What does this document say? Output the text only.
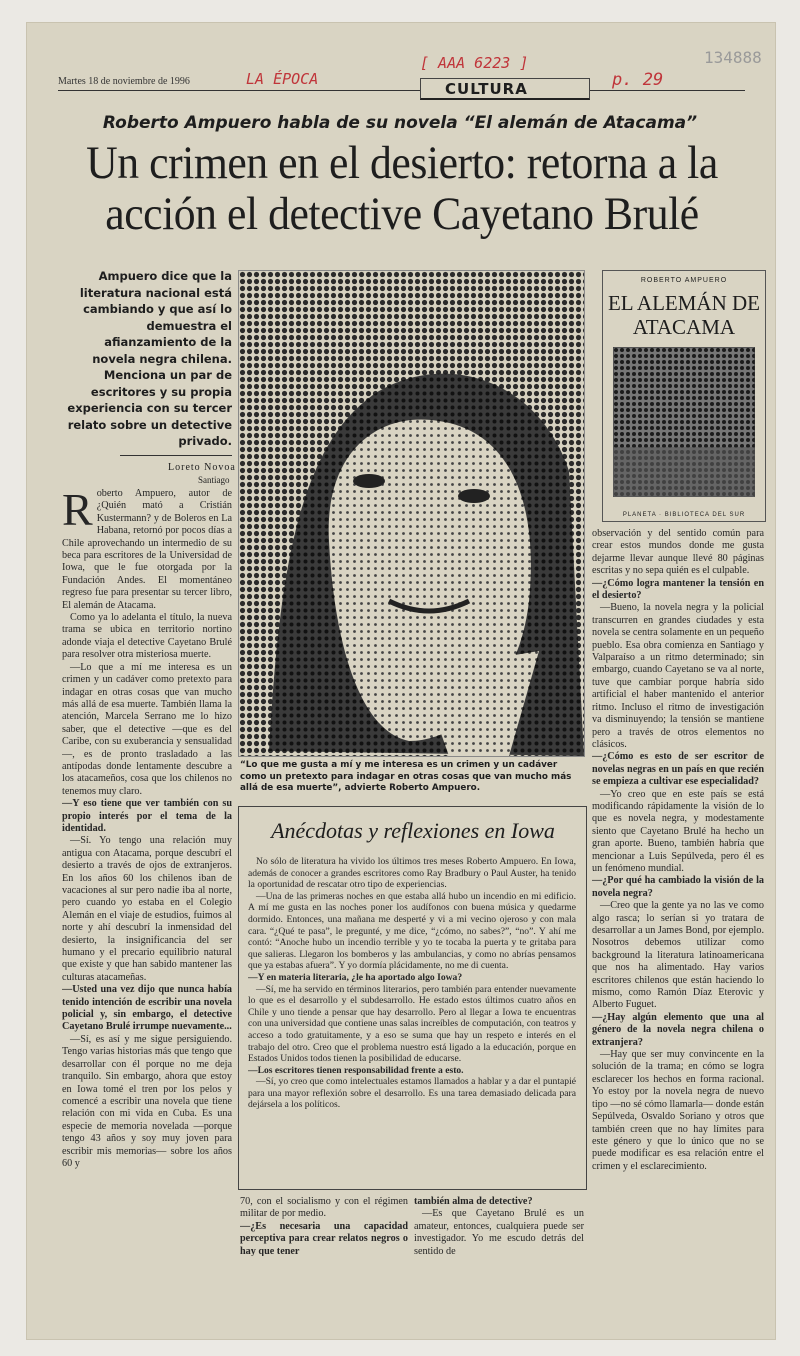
Martes 18 de noviembre de 1996	LA ÉPOCA
[ AAA 6223 ]
p. 29
134888
CULTURA
Roberto Ampuero habla de su novela “El alemán de Atacama”
Un crimen en el desierto: retorna a la
acción el detective Cayetano Brulé
Ampuero dice que la literatura nacional está cambiando y que así lo demuestra el afianzamiento de la novela negra chilena. Menciona un par de escritores y su propia experiencia con su tercer relato sobre un detective privado.
Loreto Novoa
Santiago

Roberto Ampuero, autor de ¿Quién mató a Cristián Kustermann? y de Boleros en La Habana, retornó por pocos días a Chile aprovechando un intermedio de su beca para escritores de la Universidad de Iowa, que le fue otorgada por la Fundación Andes. El momentáneo regreso fue para presentar su tercer libro, El alemán de Atacama.

Como ya lo adelanta el título, la nueva trama se ubica en territorio nortino adonde viaja el detective Cayetano Brulé para resolver otra misteriosa muerte.

—Lo que a mí me interesa es un crimen y un cadáver como pretexto para indagar en otras cosas que van mucho más allá de esa muerte. También llama la atención, Marcela Serrano me lo hizo saber, que el detective —que es del Caribe, con su exuberancia y sensualidad—, es de pronto trasladado a las antípodas donde lentamente descubre a los atacameños, cosa que los chilenos no tenemos muy claro.

—Y eso tiene que ver también con su propio interés por el tema de la identidad.

—Sí. Yo tengo una relación muy antigua con Atacama, porque descubrí el desierto a través de ojos de extranjeros. En los años 60 los chilenos iban de vacaciones al sur pero nadie iba al norte, pero cuando yo estaba en el Colegio Alemán en el viaje de estudios, fuimos al norte y ahí descubrí la inmensidad del desierto, la insignificancia del ser humano y el precario equilibrio natural que existe y que han sabido mantener las culturas atacameñas.

—Usted una vez dijo que nunca había tenido intención de escribir una novela policial y, sin embargo, el detective Cayetano Brulé irrumpe nuevamente...

—Sí, es así y me sigue persiguiendo. Tengo varias historias más que tengo que desarrollar con él porque no me deja tranquilo. Sin embargo, ahora que estoy en Iowa tomé el tren por los pelos y comencé a escribir una novela que tiene relación con mi vida en Cuba. Es una especie de memoria novelada —porque tengo 43 años y soy muy joven para escribir mis memorias— sobre los años 60 y

“Lo que me gusta a mí y me interesa es un crimen y un cadáver como un pretexto para indagar en otras cosas que van mucho más allá de esa muerte”, advierte Roberto Ampuero.
ROBERTO AMPUERO
EL ALEMÁN DE ATACAMA
PLANETA · BIBLIOTECA DEL SUR

observación y del sentido común para crear estos mundos donde me gusta dejarme llevar aunque llevé 80 páginas escritas y no sepa quién es el culpable.

—¿Cómo logra mantener la tensión en el desierto?

—Bueno, la novela negra y la policial transcurren en grandes ciudades y esta novela se centra solamente en un pequeño pueblo. Esa obra comienza en Santiago y Valparaíso a un ritmo determinado; sin embargo, cuando Cayetano se va al norte, tuve que cambiar porque habría sido artificial el haber mantenido el anterior ritmo. Incluso el ritmo de investigación va disminuyendo; la tensión se mantiene pero a través de otros elementos no clásicos.

—¿Cómo es esto de ser escritor de novelas negras en un país en que recién se empieza a cultivar ese especialidad?

—Yo creo que en este país se está modificando rápidamente la visión de lo que es novela negra, y modestamente siento que Cayetano Brulé ha hecho un gran aporte. Bueno, también habría que mencionar a Luis Sepúlveda, pero él es un fenómeno mundial.

—¿Por qué ha cambiado la visión de la novela negra?

—Creo que la gente ya no las ve como algo rasca; lo serían si yo tratara de desarrollar a un James Bond, por ejemplo. Nosotros debemos utilizar como background la literatura latinoamericana que nos ha alimentado. Hay varios escritores chilenos que están haciendo lo mismo, como Ramón Díaz Eterovic y Alberto Fuguet.

—¿Hay algún elemento que una al género de la novela negra chilena o extranjera?

—Hay que ser muy convincente en la solución de la trama; en cómo se logra esclarecer los hechos en forma racional. Yo estoy por la novela negra de nuevo tipo —no sé cómo llamarla— donde están Sepúlveda, Osvaldo Soriano y otros que también creen que no hay límites para este género y que lo único que no se puede modificar es esa relación entre el crimen y el esclarecimiento.

Anécdotas y reflexiones en Iowa

No sólo de literatura ha vivido los últimos tres meses Roberto Ampuero. En Iowa, además de conocer a grandes escritores como Ray Bradbury o Paul Auster, ha tenido la oportunidad de rescatar otro tipo de experiencias.

—Una de las primeras noches en que estaba allá hubo un incendio en mi edificio. A mí me gusta en las noches poner los audífonos con buena música y quedarme dormido. Entonces, una mañana me desperté y vi a mi vecino ojeroso y con mala cara. “¿Qué te pasa”, le pregunté, y me dice, “¿cómo, no sabes?”, “no”. Y ahí me contó: “Anoche hubo un incendio terrible y yo te tocaba la puerta y te gritaba para que salieras. Llegaron los bomberos y las ambulancias, y como no abrías pensamos que ya estabas afuera”. Y yo dormía plácidamente, no me di cuenta.

—Y en materia literaria, ¿le ha aportado algo Iowa?

—Sí, me ha servido en términos literarios, pero también para entender nuevamente lo que es el desarrollo y el subdesarrollo. He estado estos últimos cuatro años en Chile y uno tiende a pensar que hay desarrollo. Pero al llegar a Iowa te encuentras con una universidad que contiene unas salas increíbles de computación, con teatros y acceso a todo gratuitamente, y a eso se suma que hay un respeto e interés en el trabajo del otro. Creo que el problema nuestro está ligado a la educación, porque en Estados Unidos todos tienen la posibilidad de educarse.

—Los escritores tienen responsabilidad frente a esto.

—Sí, yo creo que como intelectuales estamos llamados a hablar y a dar el puntapié para una mayor reflexión sobre el desarrollo. Es una tarea demasiado delicada para dejársela a los políticos.

70, con el socialismo y con el régimen militar de por medio.

—¿Es necesaria una capacidad perceptiva para crear relatos negros o hay que tener

también alma de detective?

—Es que Cayetano Brulé es un amateur, entonces, cualquiera puede ser investigador. Yo me escudo detrás del sentido de
